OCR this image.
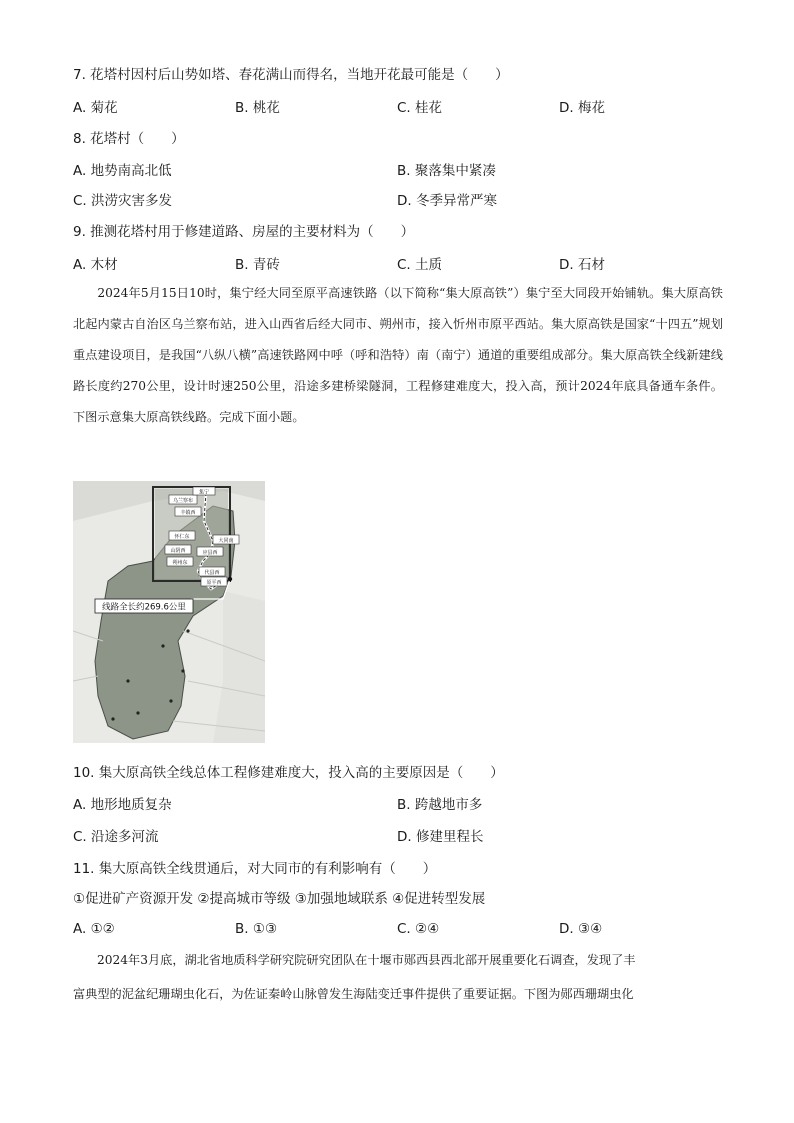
7. 花塔村因村后山势如塔、春花满山而得名，当地开花最可能是（　　）
A. 菊花	B. 桃花	C. 桂花	D. 梅花
8. 花塔村（　　）
A. 地势南高北低	B. 聚落集中紧凑
C. 洪涝灾害多发	D. 冬季异常严寒
9. 推测花塔村用于修建道路、房屋的主要材料为（　　）
A. 木材	B. 青砖	C. 土质	D. 石材
2024年5月15日10时，集宁经大同至原平高速铁路（以下简称“集大原高铁”）集宁至大同段开始铺轨。集大原高铁北起内蒙古自治区乌兰察布站，进入山西省后经大同市、朔州市，接入忻州市原平西站。集大原高铁是国家“十四五”规划重点建设项目，是我国“八纵八横”高速铁路网中呼（呼和浩特）南（南宁）通道的重要组成部分。集大原高铁全线新建线路长度约270公里，设计时速250公里，沿途多建桥梁隧洞，工程修建难度大，投入高，预计2024年底具备通车条件。下图示意集大原高铁线路。完成下面小题。
乌兰察布
集宁
丰镇西
大同南
怀仁东
山阴西	应县西
朔州东
代县西
原平西
线路全长约269.6公里
10. 集大原高铁全线总体工程修建难度大，投入高的主要原因是（　　）
A. 地形地质复杂	B. 跨越地市多
C. 沿途多河流	D. 修建里程长
11. 集大原高铁全线贯通后，对大同市的有利影响有（　　）
①促进矿产资源开发 ②提高城市等级 ③加强地域联系 ④促进转型发展
A. ①②	B. ①③	C. ②④	D. ③④
2024年3月底，湖北省地质科学研究院研究团队在十堰市郧西县西北部开展重要化石调查，发现了丰
富典型的泥盆纪珊瑚虫化石，为佐证秦岭山脉曾发生海陆变迁事件提供了重要证据。下图为郧西珊瑚虫化
